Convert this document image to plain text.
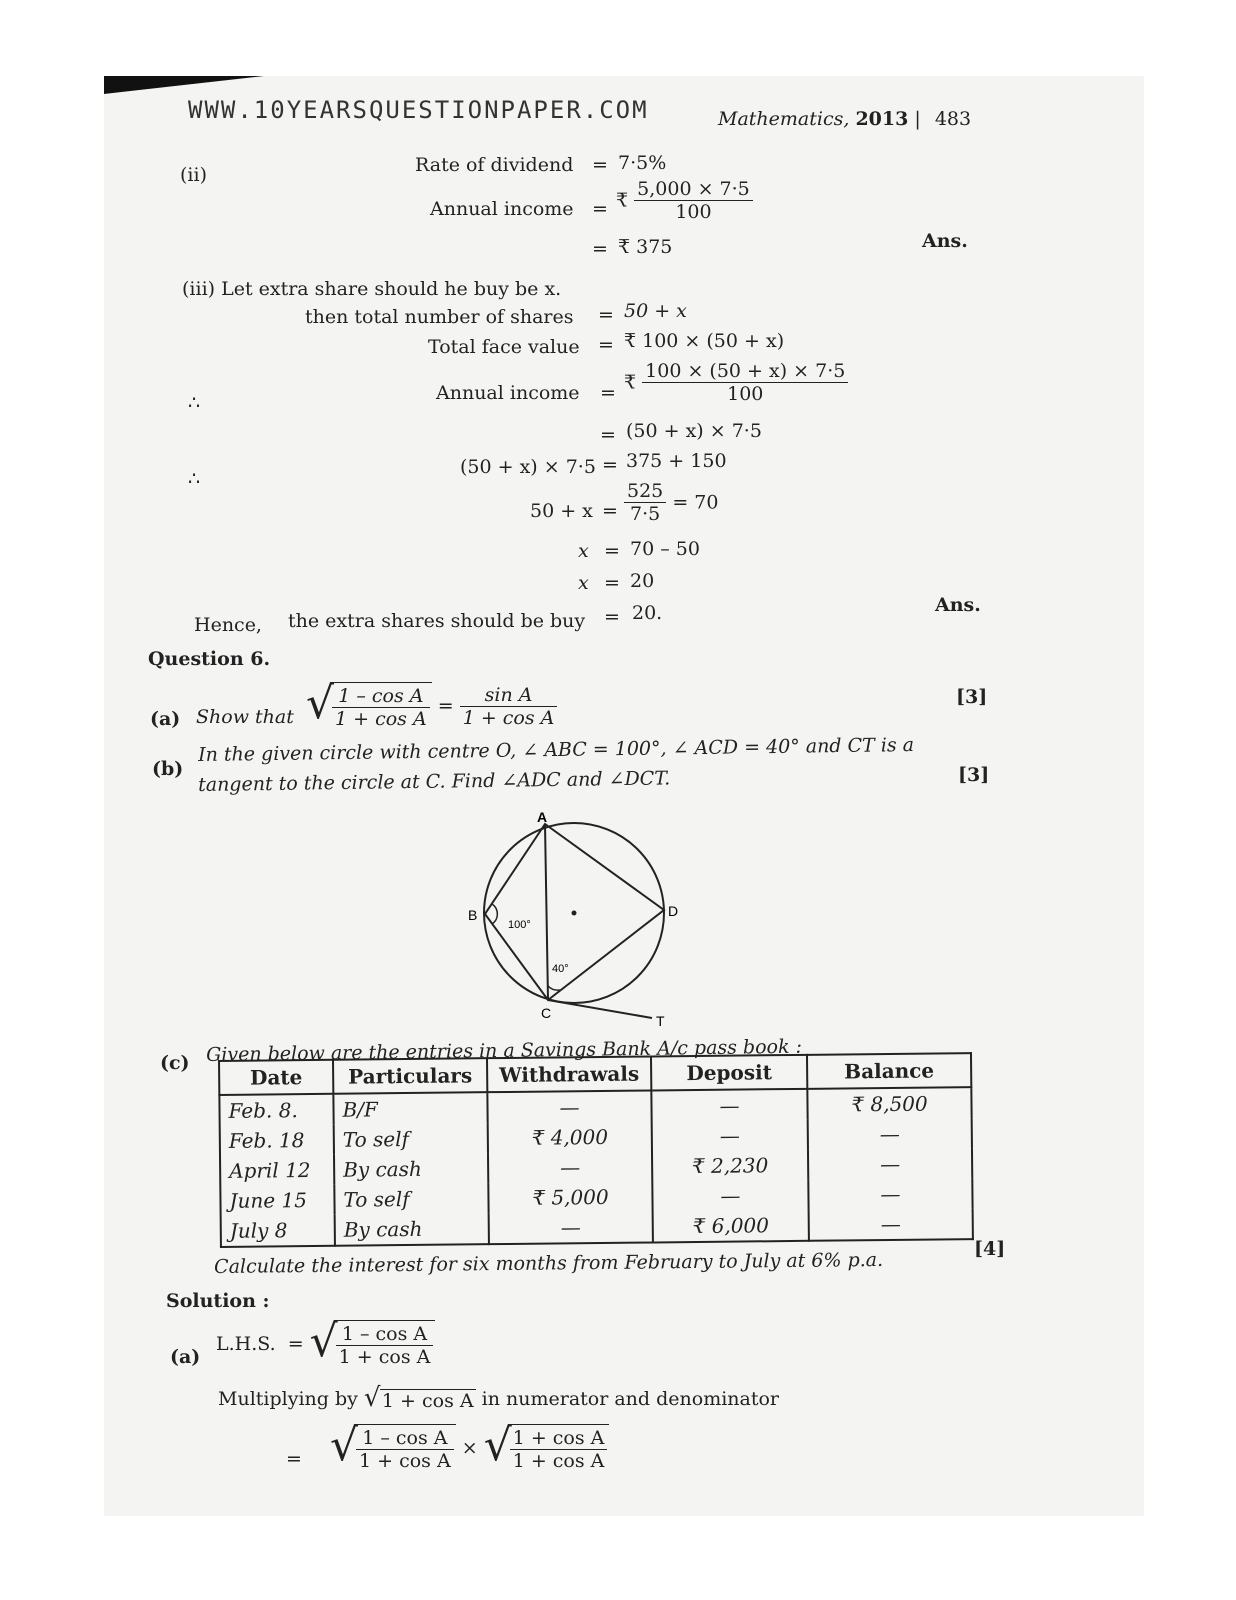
WWW.10YEARSQUESTIONPAPER.COM	Mathematics, 2013 | 483
(ii)	Rate of dividend = 7·5%
Annual income = ₹ $\frac{5,000 \times 7\cdot 5}{100}$
= ₹ 375	Ans.
(iii) Let extra share should he buy be x.
then total number of shares = 50 + x
Total face value = ₹ 100 × (50 + x)
∴	Annual income = ₹ $\frac{100 \times (50 + x) \times 7\cdot 5}{100}$
= (50 + x) × 7·5
∴
(50 + x) × 7·5 = 375 + 150
$50 + x = \frac{525}{7\cdot 5} = 70$
x = 70 – 50
x = 20
Hence, the extra shares should be buy = 20.	Ans.
Question 6.
(a) Show that √
$\frac{\text{1 – cos A}}{\text{1 + cos A}} = \frac{\text{sin A}}{\text{1 + cos A}}$	[3]
(b)
In the given circle with centre O, ∠ ABC = 100°, ∠ ACD = 40° and CT is a
tangent to the circle at C. Find ∠ADC and ∠DCT.	[3]
A
B
C
D
T
100°
40°
(c) Given below are the entries in a Savings Bank A/c pass book :
Date	Particulars	Withdrawals	Deposit	Balance
Feb. 8.	B/F	—	—	₹ 8,500
Feb. 18	To self	₹ 4,000	—	—
April 12	By cash	—	₹ 2,230	—
June 15	To self	₹ 5,000	—	—
July 8	By cash	—	₹ 6,000	—
Calculate the interest for six months from February to July at 6% p.a.	[4]
Solution :
(a)
L.H.S. = √
$\frac{\text{1 – cos A}}{\text{1 + cos A}}$
Multiplying by √ 1 + cos A in numerator and denominator
= √
$\frac{\text{1 – cos A}}{\text{1 + cos A}}$ × √
$\frac{\text{1 + cos A}}{\text{1 + cos A}}$
